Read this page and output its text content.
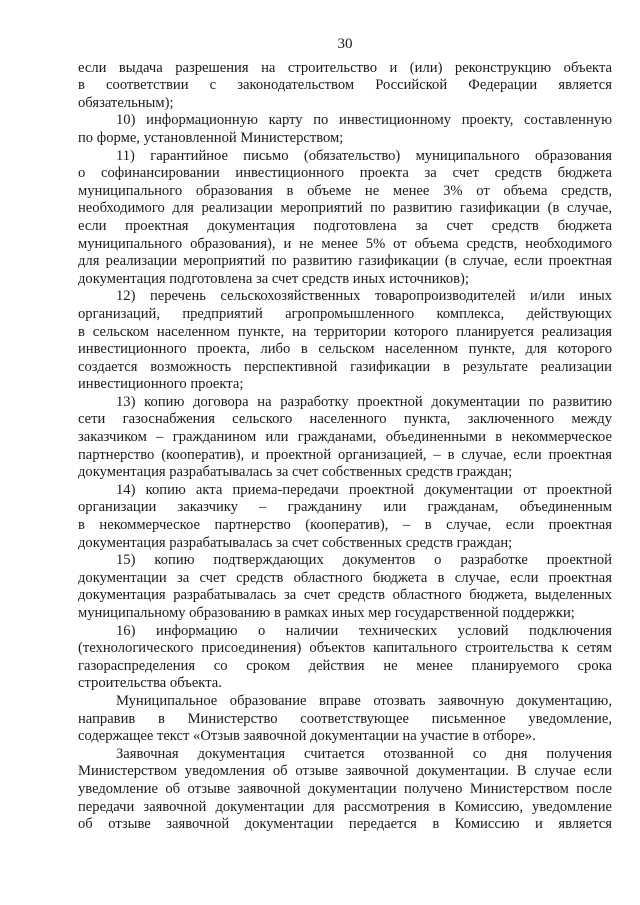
30
если выдача разрешения на строительство и (или) реконструкцию объекта
в соответствии с законодательством Российской Федерации является
обязательным);
10) информационную карту по инвестиционному проекту, составленную
по форме, установленной Министерством;
11) гарантийное письмо (обязательство) муниципального образования
о софинансировании инвестиционного проекта за счет средств бюджета
муниципального образования в объеме не менее 3% от объема средств,
необходимого для реализации мероприятий по развитию газификации (в случае,
если проектная документация подготовлена за счет средств бюджета
муниципального образования), и не менее 5% от объема средств, необходимого
для реализации мероприятий по развитию газификации (в случае, если проектная
документация подготовлена за счет средств иных источников);
12) перечень сельскохозяйственных товаропроизводителей и/или иных
организаций, предприятий агропромышленного комплекса, действующих
в сельском населенном пункте, на территории которого планируется реализация
инвестиционного проекта, либо в сельском населенном пункте, для которого
создается возможность перспективной газификации в результате реализации
инвестиционного проекта;
13) копию договора на разработку проектной документации по развитию
сети газоснабжения сельского населенного пункта, заключенного между
заказчиком – гражданином или гражданами, объединенными в некоммерческое
партнерство (кооператив), и проектной организацией, – в случае, если проектная
документация разрабатывалась за счет собственных средств граждан;
14) копию акта приема-передачи проектной документации от проектной
организации заказчику – гражданину или гражданам, объединенным
в некоммерческое партнерство (кооператив), – в случае, если проектная
документация разрабатывалась за счет собственных средств граждан;
15) копию подтверждающих документов о разработке проектной
документации за счет средств областного бюджета в случае, если проектная
документация разрабатывалась за счет средств областного бюджета, выделенных
муниципальному образованию в рамках иных мер государственной поддержки;
16) информацию о наличии технических условий подключения
(технологического присоединения) объектов капитального строительства к сетям
газораспределения со сроком действия не менее планируемого срока
строительства объекта.
Муниципальное образование вправе отозвать заявочную документацию,
направив в Министерство соответствующее письменное уведомление,
содержащее текст «Отзыв заявочной документации на участие в отборе».
Заявочная документация считается отозванной со дня получения
Министерством уведомления об отзыве заявочной документации. В случае если
уведомление об отзыве заявочной документации получено Министерством после
передачи заявочной документации для рассмотрения в Комиссию, уведомление
об отзыве заявочной документации передается в Комиссию и является
